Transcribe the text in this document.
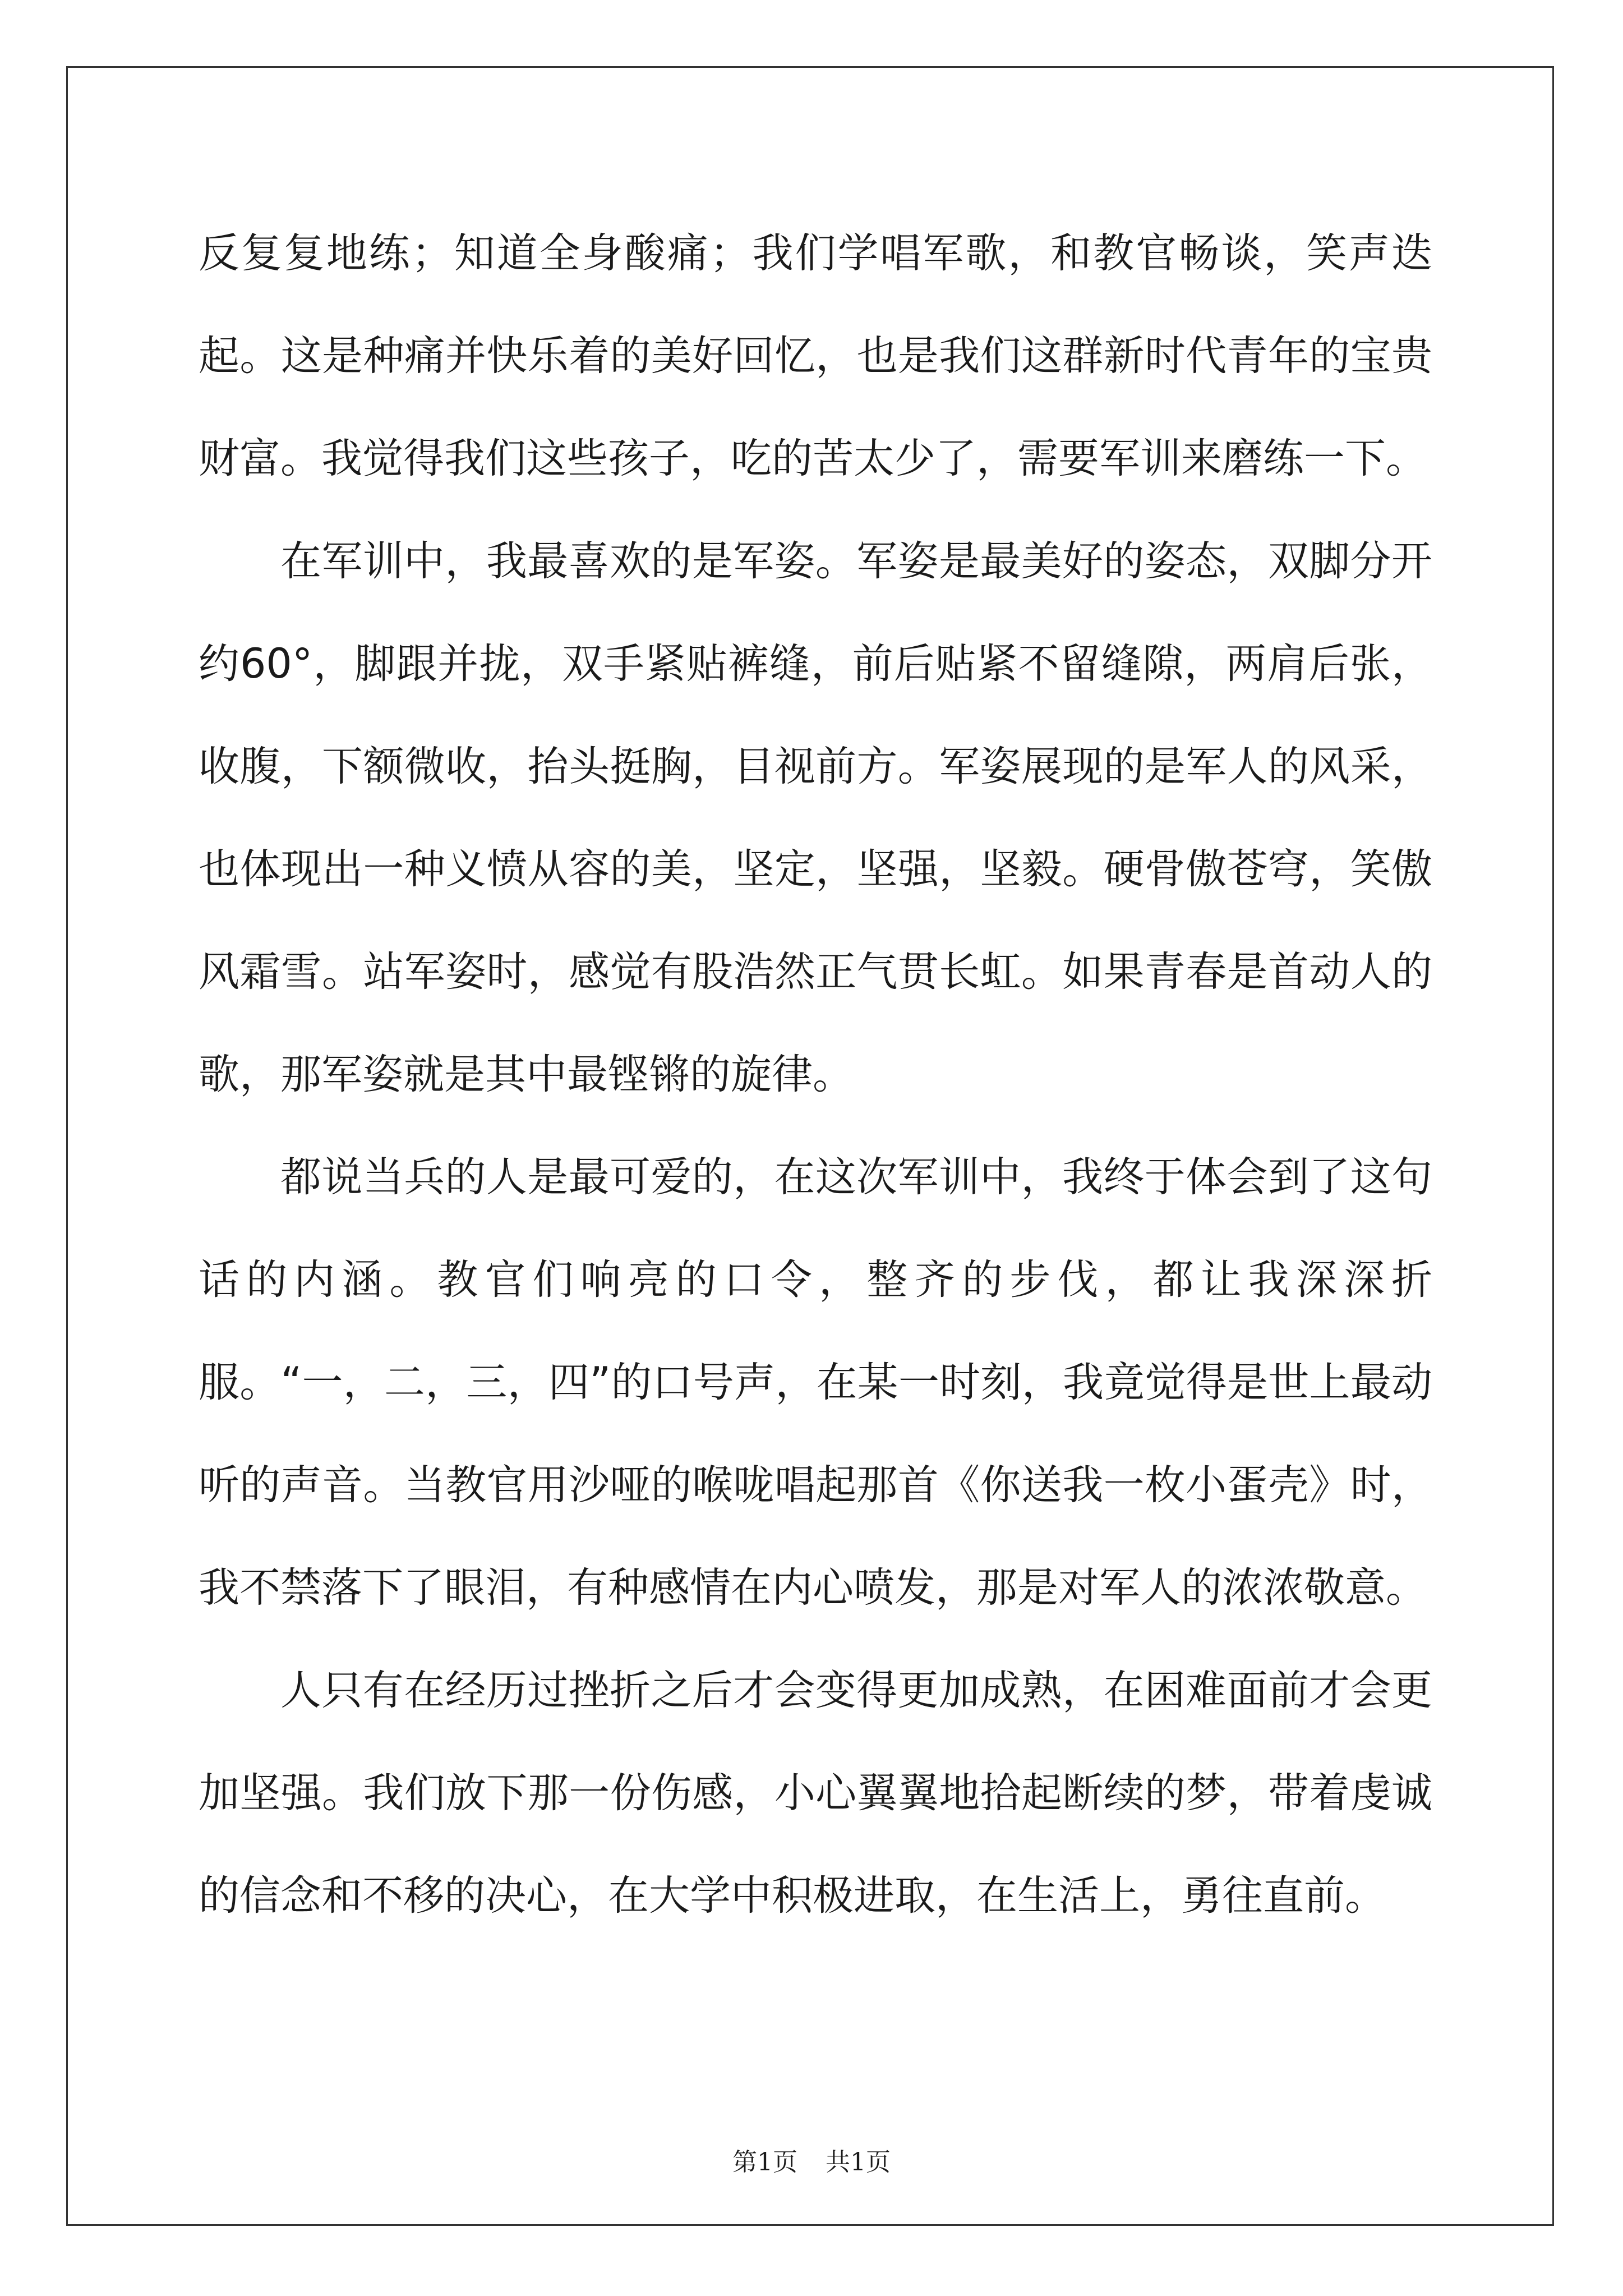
反复复地练；知道全身酸痛；我们学唱军歌，和教官畅谈，笑声迭起。这是种痛并快乐着的美好回忆，也是我们这群新时代青年的宝贵财富。我觉得我们这些孩子，吃的苦太少了，需要军训来磨练一下。

在军训中，我最喜欢的是军姿。军姿是最美好的姿态，双脚分开约60°，脚跟并拢，双手紧贴裤缝，前后贴紧不留缝隙，两肩后张，收腹，下额微收，抬头挺胸，目视前方。军姿展现的是军人的风采，也体现出一种义愤从容的美，坚定，坚强，坚毅。硬骨傲苍穹，笑傲风霜雪。站军姿时，感觉有股浩然正气贯长虹。如果青春是首动人的歌，那军姿就是其中最铿锵的旋律。

都说当兵的人是最可爱的，在这次军训中，我终于体会到了这句话的内涵。教官们响亮的口令，整齐的步伐，都让我深深折服。“一，二，三，四”的口号声，在某一时刻，我竟觉得是世上最动听的声音。当教官用沙哑的喉咙唱起那首《你送我一枚小蛋壳》时，我不禁落下了眼泪，有种感情在内心喷发，那是对军人的浓浓敬意。

人只有在经历过挫折之后才会变得更加成熟，在困难面前才会更加坚强。我们放下那一份伤感，小心翼翼地拾起断续的梦，带着虔诚的信念和不移的决心，在大学中积极进取，在生活上，勇往直前。

第1页 共1页
